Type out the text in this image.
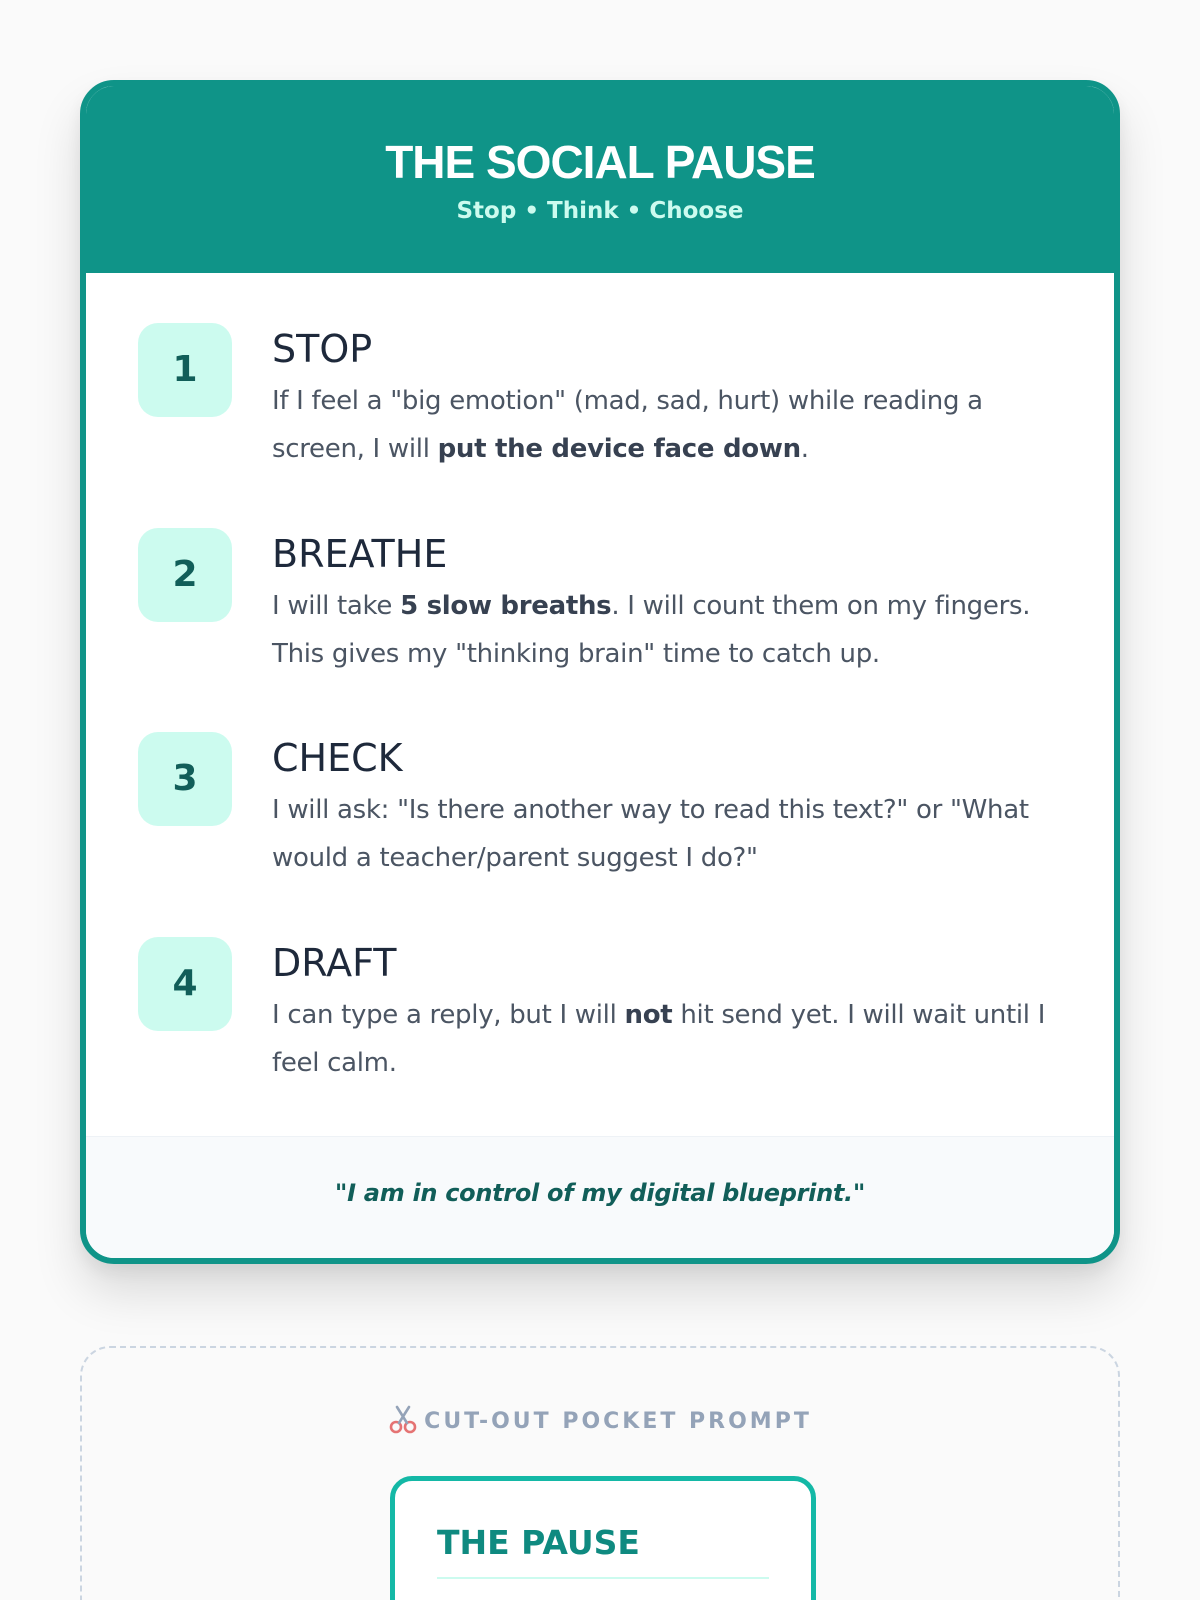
THE SOCIAL PAUSE
Stop • Think • Choose
1	STOP

If I feel a "big emotion" (mad, sad, hurt) while reading a screen, I will put the device face down.

2	BREATHE

I will take 5 slow breaths. I will count them on my fingers. This gives my "thinking brain" time to catch up.

3	CHECK

I will ask: "Is there another way to read this text?" or "What would a teacher/parent suggest I do?"

4	DRAFT

I can type a reply, but I will not hit send yet. I will wait until I feel calm.

"I am in control of my digital blueprint."
CUT-OUT POCKET PROMPT
THE PAUSE
